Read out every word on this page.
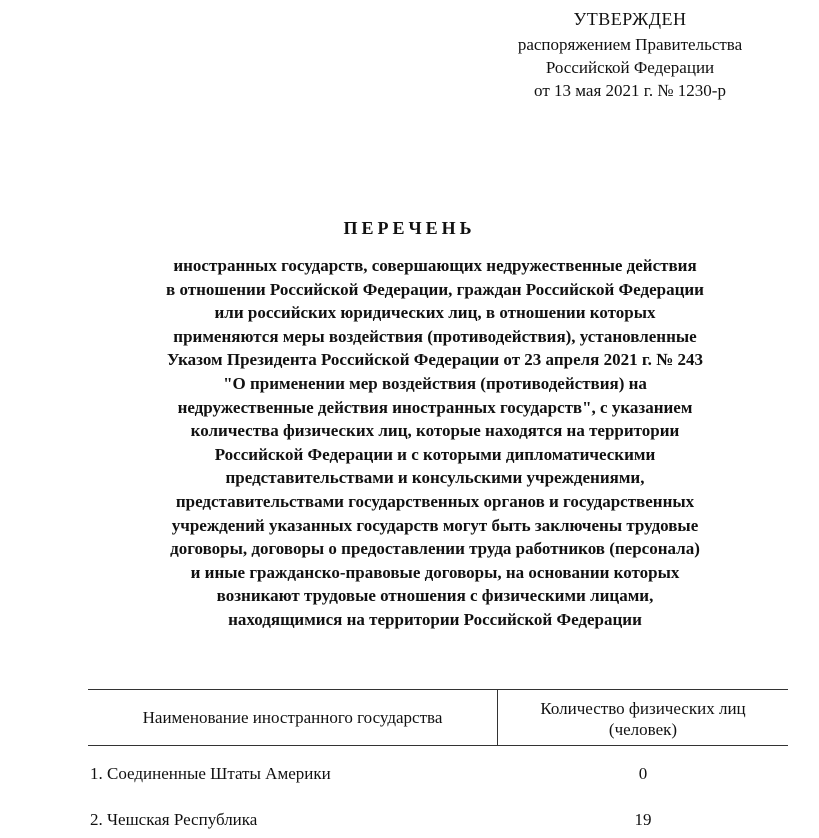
УТВЕРЖДЕН
распоряжением Правительства
Российской Федерации
от 13 мая 2021 г. № 1230-р
ПЕРЕЧЕНЬ
иностранных государств, совершающих недружественные действия
в отношении Российской Федерации, граждан Российской Федерации
или российских юридических лиц, в отношении которых
применяются меры воздействия (противодействия), установленные
Указом Президента Российской Федерации от 23 апреля 2021 г. № 243
"О применении мер воздействия (противодействия) на
недружественные действия иностранных государств", с указанием
количества физических лиц, которые находятся на территории
Российской Федерации и с которыми дипломатическими
представительствами и консульскими учреждениями,
представительствами государственных органов и государственных
учреждений указанных государств могут быть заключены трудовые
договоры, договоры о предоставлении труда работников (персонала)
и иные гражданско-правовые договоры, на основании которых
возникают трудовые отношения с физическими лицами,
находящимися на территории Российской Федерации
Наименование иностранного государства	Количество физических лиц
(человек)
1. Соединенные Штаты Америки	0
2. Чешская Республика	19
